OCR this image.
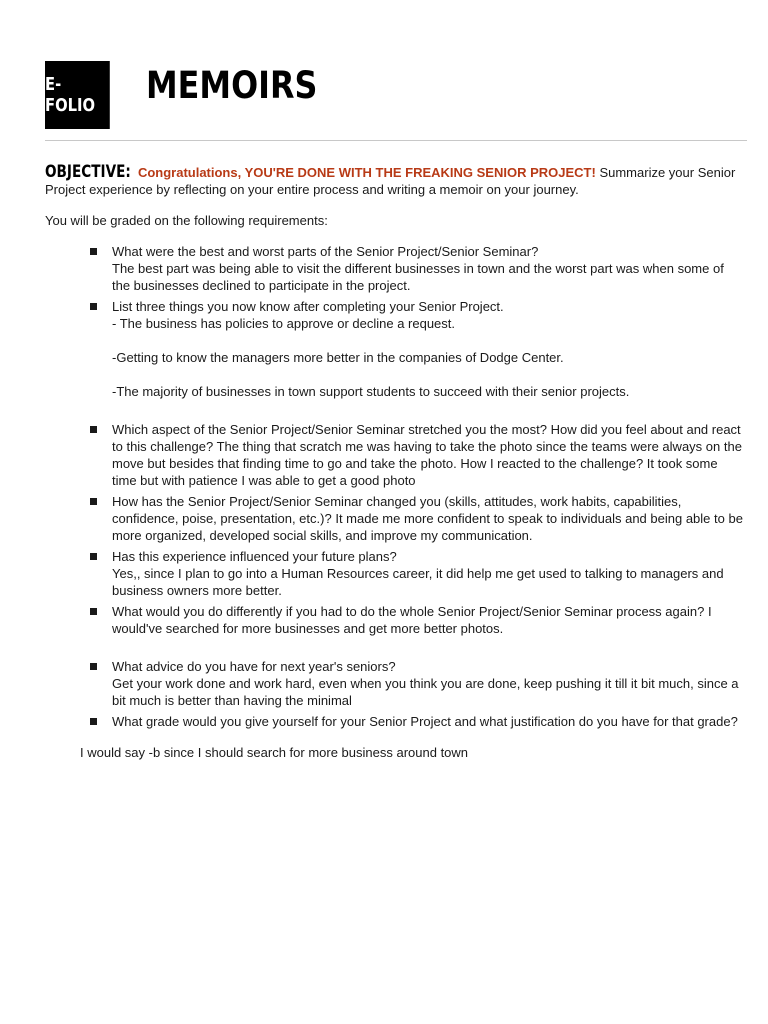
E-FOLIO	MEMOIRS

OBJECTIVE: Congratulations, YOU'RE DONE WITH THE FREAKING SENIOR PROJECT! Summarize your Senior Project experience by reflecting on your entire process and writing a memoir on your journey.

You will be graded on the following requirements:

What were the best and worst parts of the Senior Project/Senior Seminar?
The best part was being able to visit the different businesses in town and the worst part was when some of the businesses declined to participate in the project.
List three things you now know after completing your Senior Project.
- The business has policies to approve or decline a request.
-Getting to know the managers more better in the companies of Dodge Center.
-The majority of businesses in town support students to succeed with their senior projects.
Which aspect of the Senior Project/Senior Seminar stretched you the most? How did you feel about and react to this challenge? The thing that scratch me was having to take the photo since the teams were always on the move but besides that finding time to go and take the photo. How I reacted to the challenge? It took some time but with patience I was able to get a good photo
How has the Senior Project/Senior Seminar changed you (skills, attitudes, work habits, capabilities, confidence, poise, presentation, etc.)? It made me more confident to speak to individuals and being able to be more organized, developed social skills, and improve my communication.
Has this experience influenced your future plans?
Yes,, since I plan to go into a Human Resources career, it did help me get used to talking to managers and business owners more better.
What would you do differently if you had to do the whole Senior Project/Senior Seminar process again? I would've searched for more businesses and get more better photos.
What advice do you have for next year's seniors?
Get your work done and work hard, even when you think you are done, keep pushing it till it bit much, since a bit much is better than having the minimal
What grade would you give yourself for your Senior Project and what justification do you have for that grade?

I would say -b since I should search for more business around town
